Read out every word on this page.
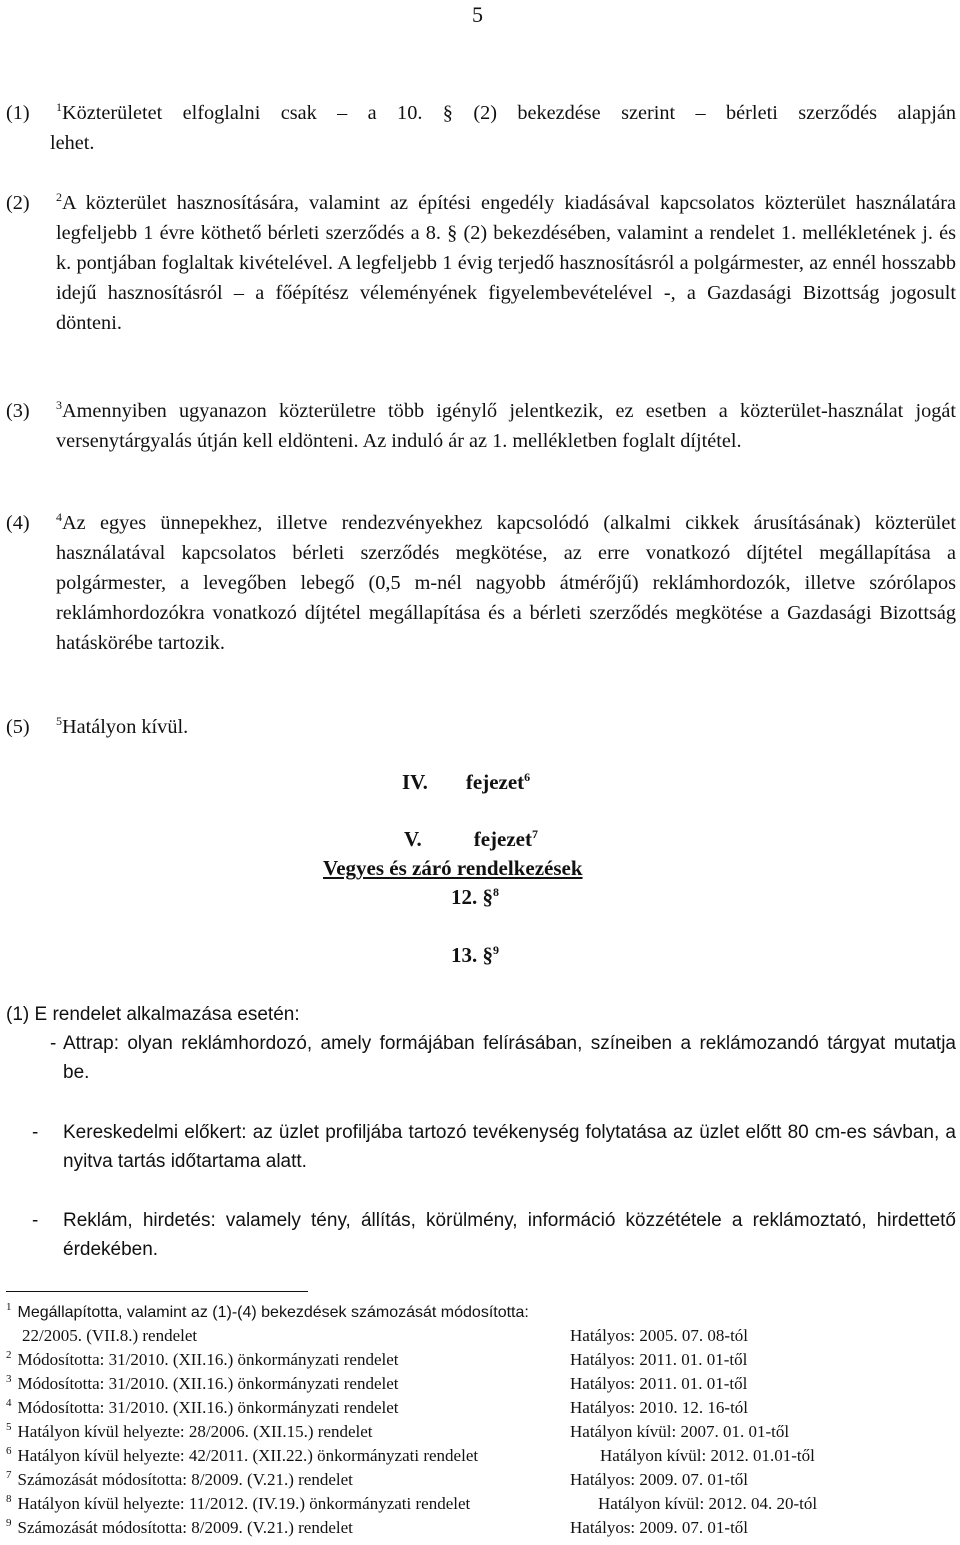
5
(1) $^1$Közterületet elfoglalni csak – a 10. § (2) bekezdése szerint – bérleti szerződés alapján
lehet.
(2) $^2$A közterület hasznosítására, valamint az építési engedély kiadásával kapcsolatos közterület használatára legfeljebb 1 évre köthető bérleti szerződés a 8. § (2) bekezdésében, valamint a rendelet 1. mellékletének j. és k. pontjában foglaltak kivételével. A legfeljebb 1 évig terjedő hasznosításról a polgármester, az ennél hosszabb idejű hasznosításról – a főépítész véleményének figyelembevételével -, a Gazdasági Bizottság jogosult dönteni.
(3) $^3$Amennyiben ugyanazon közterületre több igénylő jelentkezik, ez esetben a közterület-használat jogát versenytárgyalás útján kell eldönteni. Az induló ár az 1. mellékletben foglalt díjtétel.
(4) $^4$Az egyes ünnepekhez, illetve rendezvényekhez kapcsolódó (alkalmi cikkek árusításának) közterület használatával kapcsolatos bérleti szerződés megkötése, az erre vonatkozó díjtétel megállapítása a polgármester, a levegőben lebegő (0,5 m-nél nagyobb átmérőjű) reklámhordozók, illetve szórólapos reklámhordozókra vonatkozó díjtétel megállapítása és a bérleti szerződés megkötése a Gazdasági Bizottság hatáskörébe tartozik.
(5) $^5$Hatályon kívül.
IV. fejezet$^6$
V. fejezet$^7$
Vegyes és záró rendelkezések
12. §$^8$
13. §$^9$
(1) E rendelet alkalmazása esetén:
- Attrap: olyan reklámhordozó, amely formájában felírásában, színeiben a reklámozandó tárgyat mutatja be.
- Kereskedelmi előkert: az üzlet profiljába tartozó tevékenység folytatása az üzlet előtt 80 cm-es sávban, a nyitva tartás időtartama alatt.
- Reklám, hirdetés: valamely tény, állítás, körülmény, információ közzététele a reklámoztató, hirdettető érdekében.
$^1$ Megállapította, valamint az (1)-(4) bekezdések számozását módosította:
22/2005. (VII.8.) rendelet	Hatályos: 2005. 07. 08-tól
$^2$ Módosította: 31/2010. (XII.16.) önkormányzati rendelet	Hatályos: 2011. 01. 01-től
$^3$ Módosította: 31/2010. (XII.16.) önkormányzati rendelet	Hatályos: 2011. 01. 01-től
$^4$ Módosította: 31/2010. (XII.16.) önkormányzati rendelet	Hatályos: 2010. 12. 16-tól
$^5$ Hatályon kívül helyezte: 28/2006. (XII.15.) rendelet	Hatályon kívül: 2007. 01. 01-től
$^6$ Hatályon kívül helyezte: 42/2011. (XII.22.) önkormányzati rendelet	Hatályon kívül: 2012. 01.01-től
$^7$ Számozását módosította: 8/2009. (V.21.) rendelet	Hatályos: 2009. 07. 01-től
$^8$ Hatályon kívül helyezte: 11/2012. (IV.19.) önkormányzati rendelet	Hatályon kívül: 2012. 04. 20-tól
$^9$ Számozását módosította: 8/2009. (V.21.) rendelet	Hatályos: 2009. 07. 01-től
